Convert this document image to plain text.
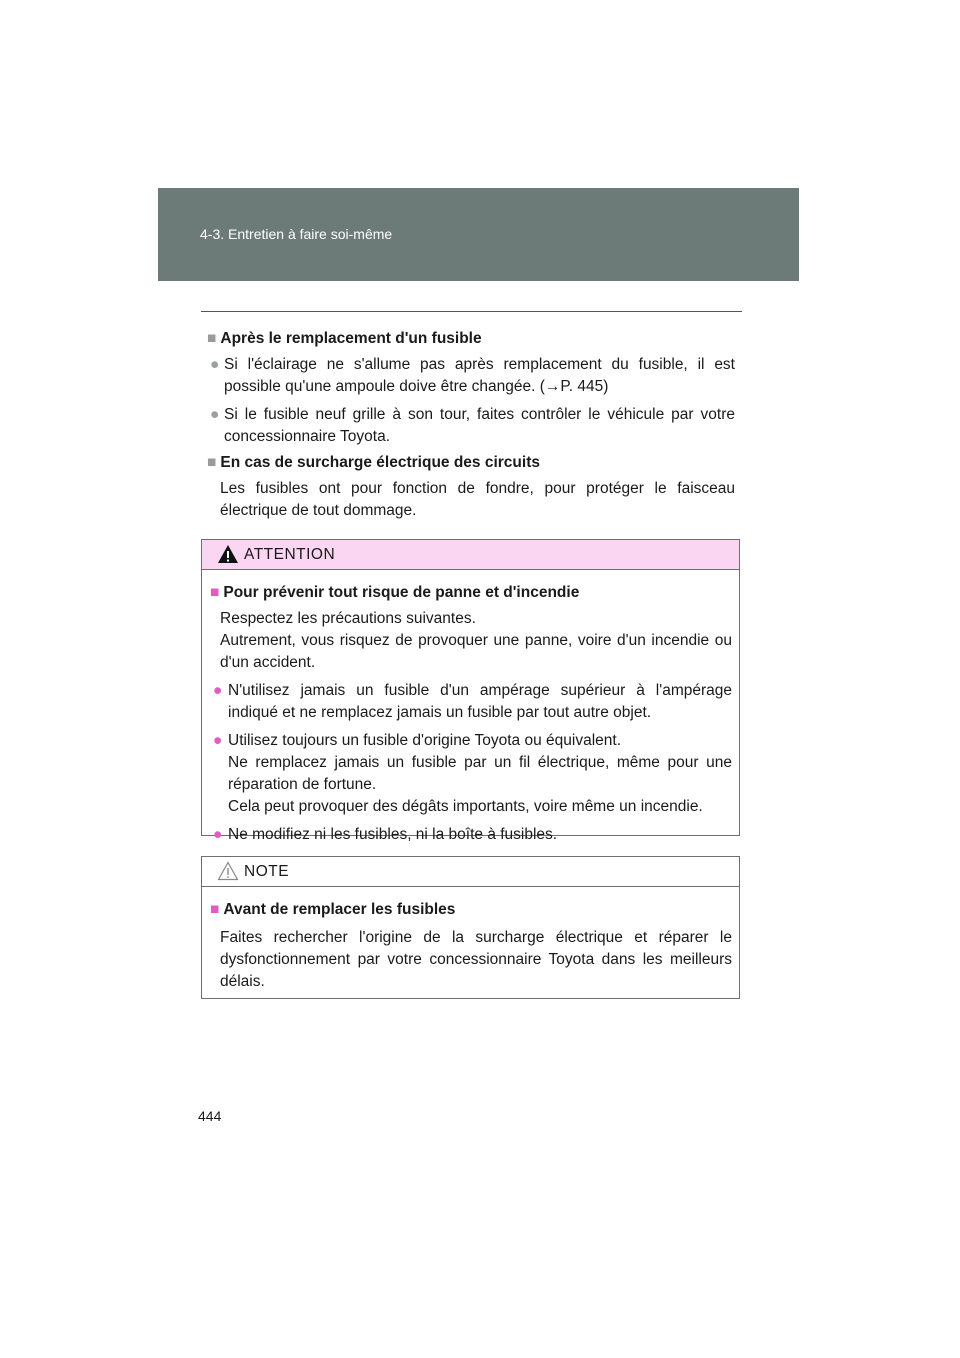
4-3. Entretien à faire soi-même

■ Après le remplacement d'un fusible

● Si l'éclairage ne s'allume pas après remplacement du fusible, il est possible qu'une ampoule doive être changée. (→P. 445)

● Si le fusible neuf grille à son tour, faites contrôler le véhicule par votre concessionnaire Toyota.

■ En cas de surcharge électrique des circuits

Les fusibles ont pour fonction de fondre, pour protéger le faisceau électrique de tout dommage.

ATTENTION

■ Pour prévenir tout risque de panne et d'incendie

Respectez les précautions suivantes.

Autrement, vous risquez de provoquer une panne, voire d'un incendie ou d'un accident.

● N'utilisez jamais un fusible d'un ampérage supérieur à l'ampérage indiqué et ne remplacez jamais un fusible par tout autre objet.

● Utilisez toujours un fusible d'origine Toyota ou équivalent.
Ne remplacez jamais un fusible par un fil électrique, même pour une réparation de fortune.
Cela peut provoquer des dégâts importants, voire même un incendie.

● Ne modifiez ni les fusibles, ni la boîte à fusibles.

NOTE

■ Avant de remplacer les fusibles

Faites rechercher l'origine de la surcharge électrique et réparer le dysfonctionnement par votre concessionnaire Toyota dans les meilleurs délais.

444
